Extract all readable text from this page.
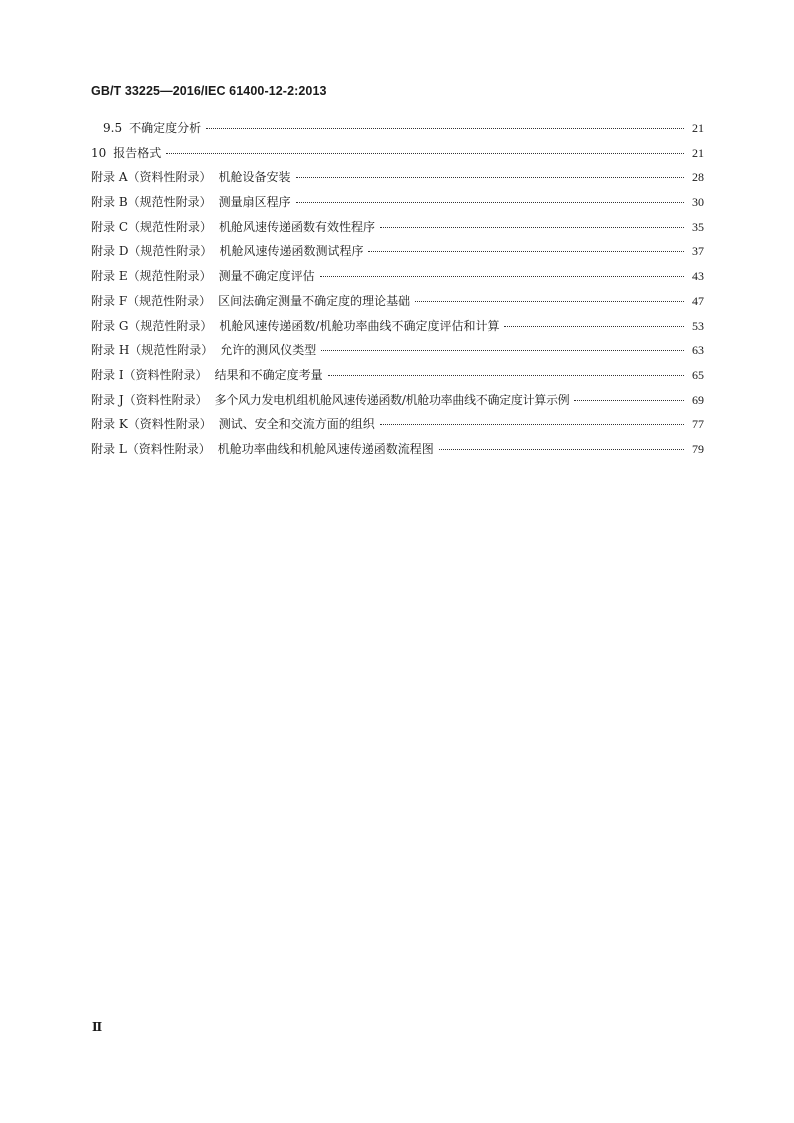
GB/T 33225—2016/IEC 61400-12-2:2013
9.5 不确定度分析	21
10 报告格式	21
附录 A（资料性附录） 机舱设备安装	28
附录 B（规范性附录） 测量扇区程序	30
附录 C（规范性附录） 机舱风速传递函数有效性程序	35
附录 D（规范性附录） 机舱风速传递函数测试程序	37
附录 E（规范性附录） 测量不确定度评估	43
附录 F（规范性附录） 区间法确定测量不确定度的理论基础	47
附录 G（规范性附录） 机舱风速传递函数/机舱功率曲线不确定度评估和计算	53
附录 H（规范性附录） 允许的测风仪类型	63
附录 I（资料性附录） 结果和不确定度考量	65
附录 J（资料性附录） 多个风力发电机组机舱风速传递函数/机舱功率曲线不确定度计算示例	69
附录 K（资料性附录） 测试、安全和交流方面的组织	77
附录 L（资料性附录） 机舱功率曲线和机舱风速传递函数流程图	79
Ⅱ
